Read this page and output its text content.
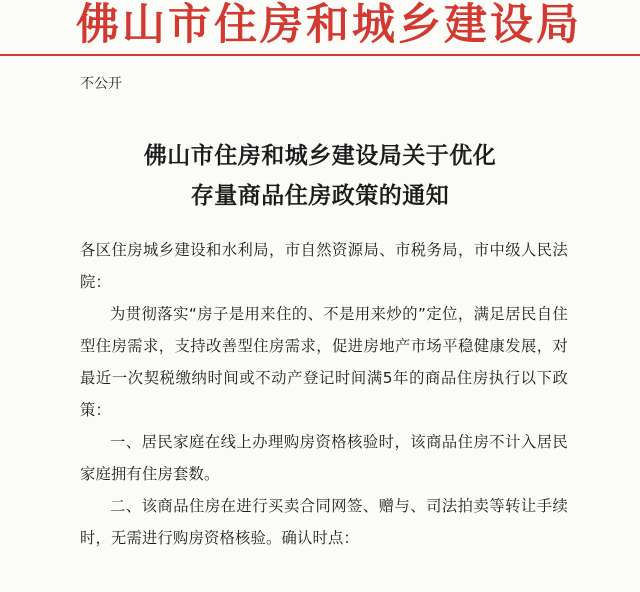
佛山市住房和城乡建设局
不公开
佛山市住房和城乡建设局关于优化
存量商品住房政策的通知

各区住房城乡建设和水利局，市自然资源局、市税务局，市中级人民法院：

为贯彻落实“房子是用来住的、不是用来炒的”定位，满足居民自住型住房需求，支持改善型住房需求，促进房地产市场平稳健康发展，对最近一次契税缴纳时间或不动产登记时间满5年的商品住房执行以下政策：

一、居民家庭在线上办理购房资格核验时，该商品住房不计入居民家庭拥有住房套数。

二、该商品住房在进行买卖合同网签、赠与、司法拍卖等转让手续时，无需进行购房资格核验。确认时点：
